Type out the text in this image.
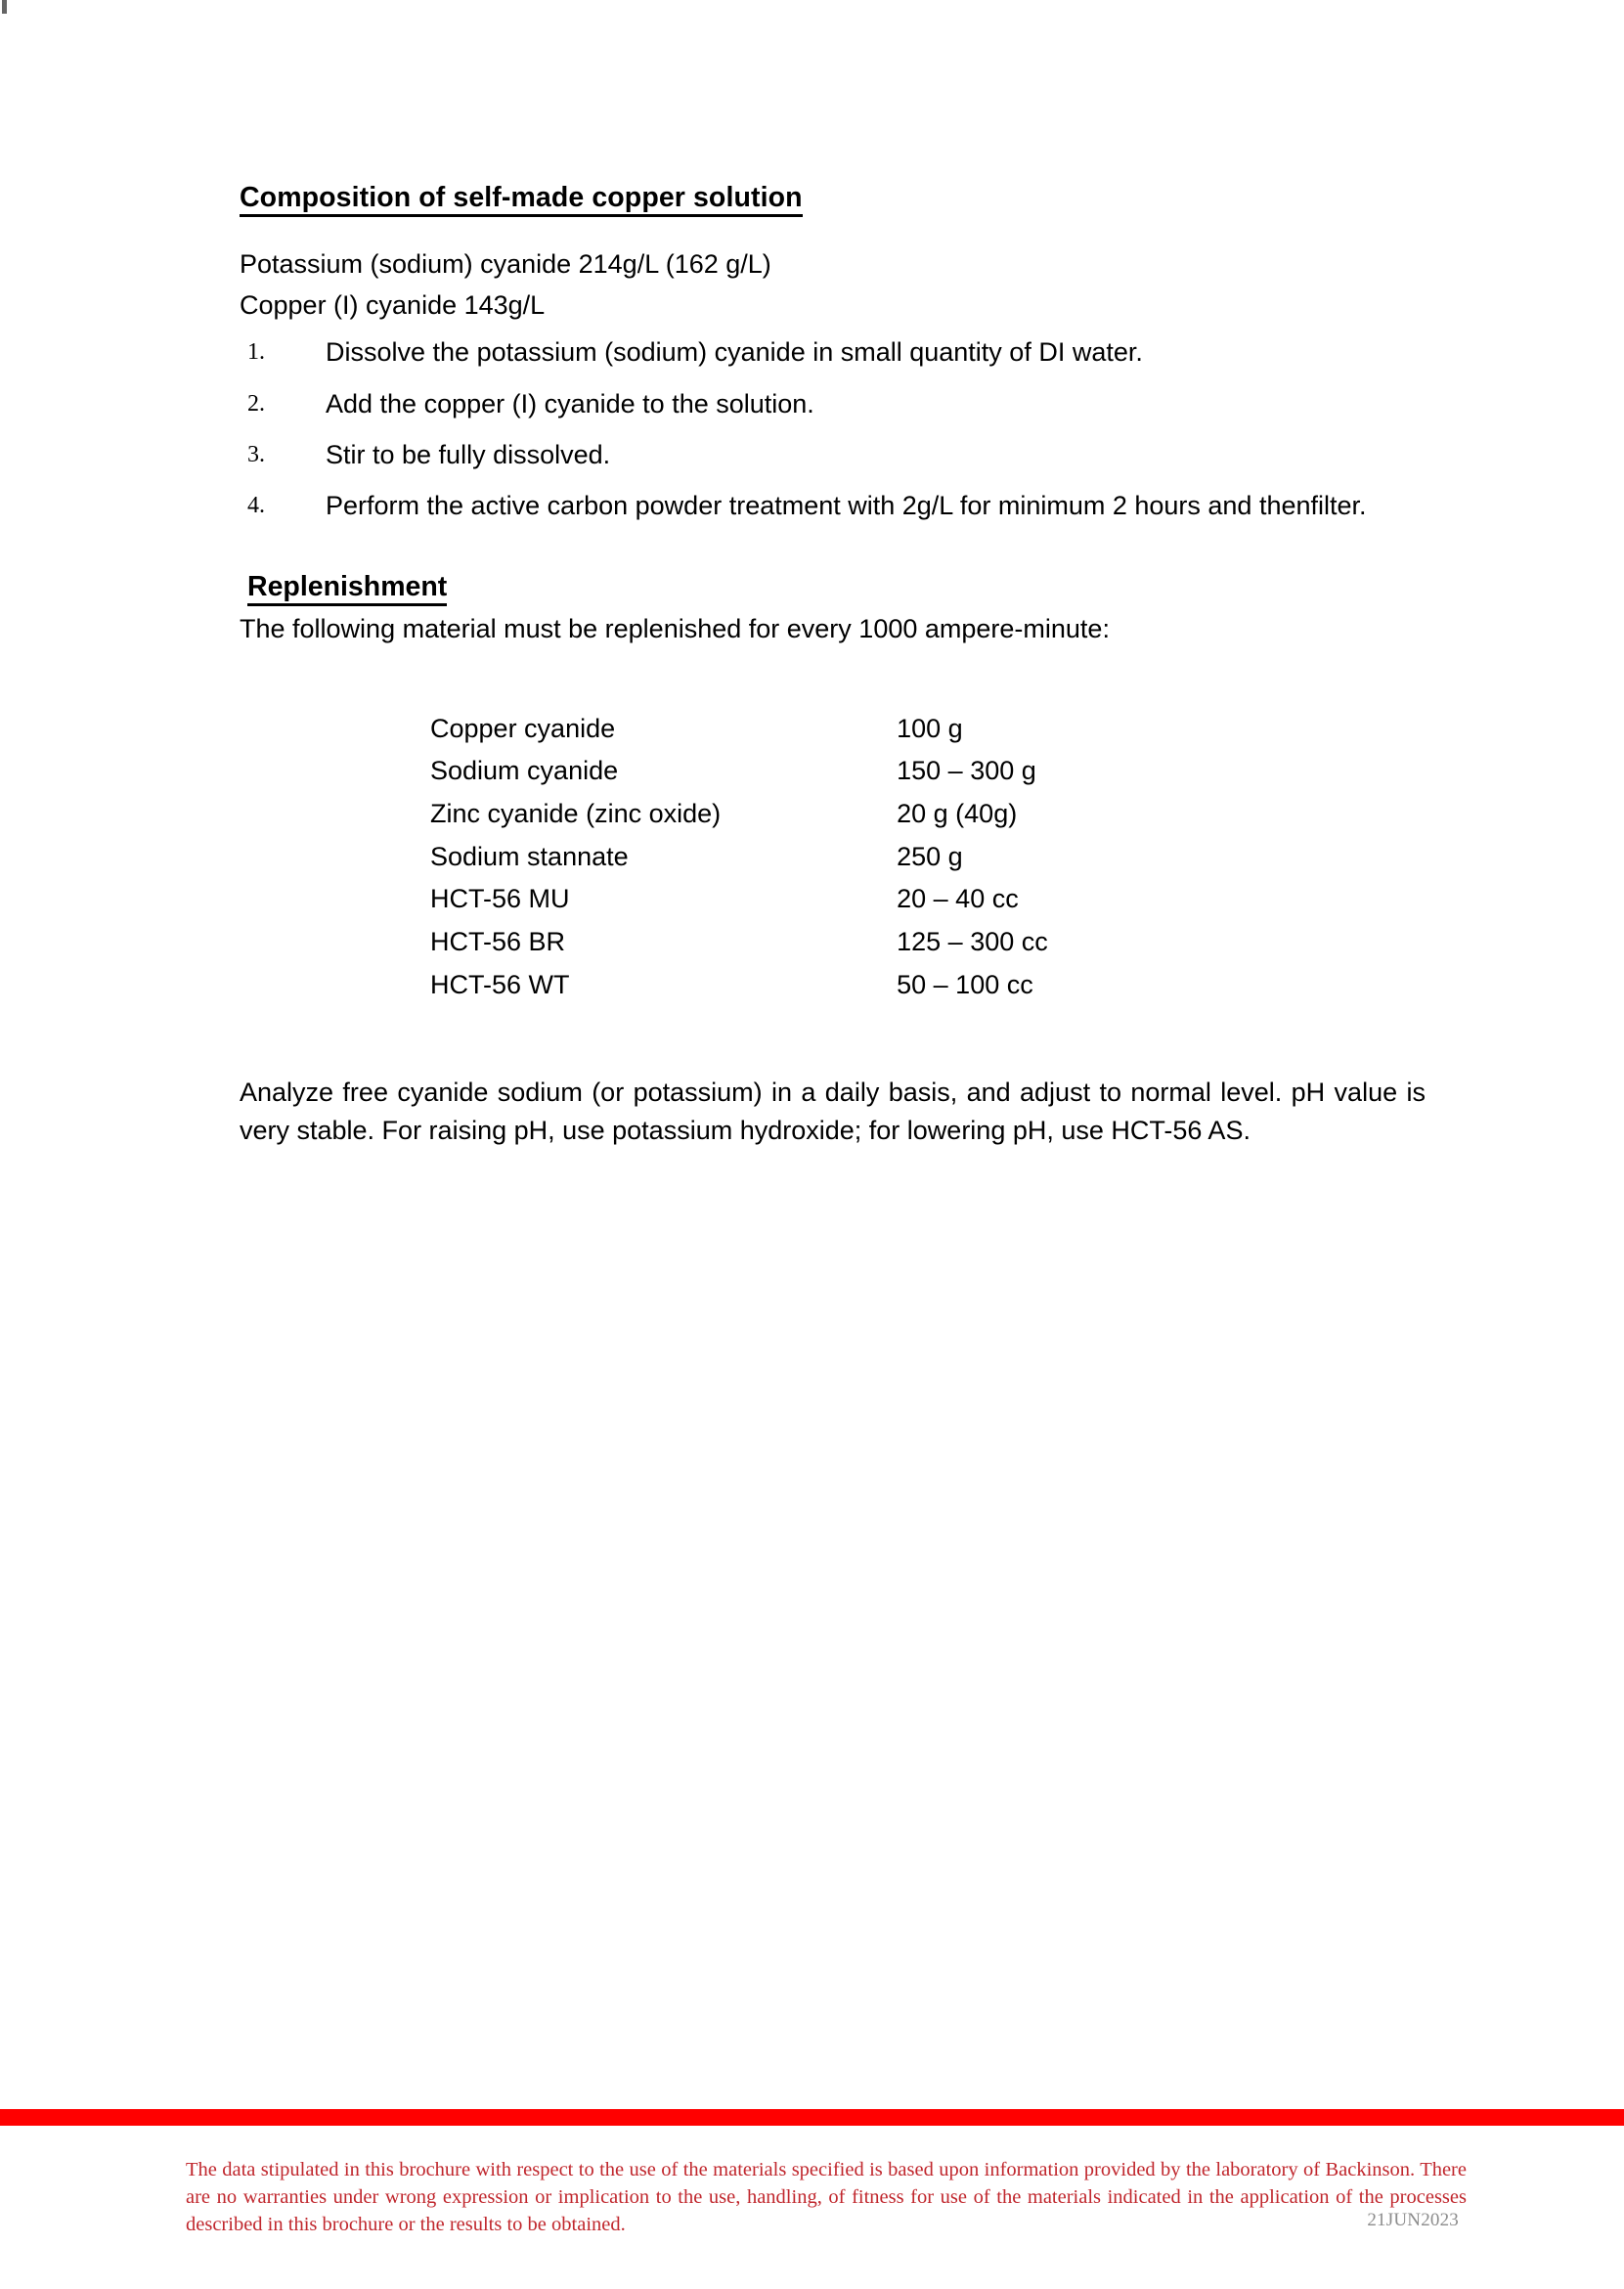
Composition of self-made copper solution

Potassium (sodium) cyanide 214g/L (162 g/L)

Copper (I) cyanide 143g/L

1. Dissolve the potassium (sodium) cyanide in small quantity of DI water.
2. Add the copper (I) cyanide to the solution.
3. Stir to be fully dissolved.
4. Perform the active carbon powder treatment with 2g/L for minimum 2 hours and thenfilter.
Replenishment

The following material must be replenished for every 1000 ampere-minute:

Copper cyanide	100 g
Sodium cyanide	150 – 300 g
Zinc cyanide (zinc oxide)	20 g (40g)
Sodium stannate	250 g
HCT-56 MU	20 – 40 cc
HCT-56 BR	125 – 300 cc
HCT-56 WT	50 – 100 cc

Analyze free cyanide sodium (or potassium) in a daily basis, and adjust to normal level. pH value is very stable. For raising pH, use potassium hydroxide; for lowering pH, use HCT-56 AS.

The data stipulated in this brochure with respect to the use of the materials specified is based upon information provided by the laboratory of Backinson. There are no warranties under wrong expression or implication to the use, handling, of fitness for use of the materials indicated in the application of the processes described in this brochure or the results to be obtained.	21JUN2023
